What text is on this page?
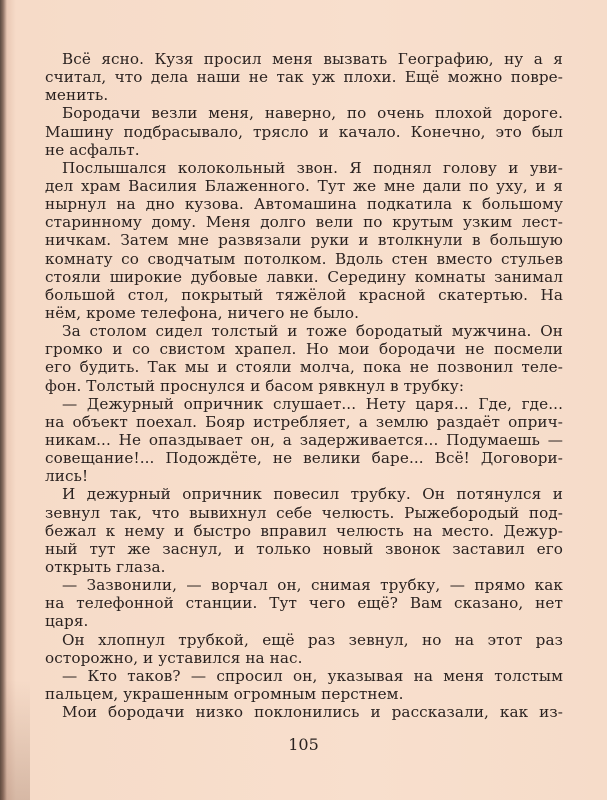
Всё ясно. Кузя просил меня вызвать Географию, ну а я
считал, что дела наши не так уж плохи. Ещё можно повре-
менить.
Бородачи везли меня, наверно, по очень плохой дороге.
Машину подбрасывало, трясло и качало. Конечно, это был
не асфальт.
Послышался колокольный звон. Я поднял голову и уви-
дел храм Василия Блаженного. Тут же мне дали по уху, и я
нырнул на дно кузова. Автомашина подкатила к большому
старинному дому. Меня долго вели по крутым узким лест-
ничкам. Затем мне развязали руки и втолкнули в большую
комнату со сводчатым потолком. Вдоль стен вместо стульев
стояли широкие дубовые лавки. Середину комнаты занимал
большой стол, покрытый тяжёлой красной скатертью. На
нём, кроме телефона, ничего не было.
За столом сидел толстый и тоже бородатый мужчина. Он
громко и со свистом храпел. Но мои бородачи не посмели
его будить. Так мы и стояли молча, пока не позвонил теле-
фон. Толстый проснулся и басом рявкнул в трубку:
— Дежурный опричник слушает... Нету царя... Где, где...
на объект поехал. Бояр истребляет, а землю раздаёт оприч-
никам... Не опаздывает он, а задерживается... Подумаешь —
совещание!... Подождёте, не велики баре... Всё! Договори-
лись!
И дежурный опричник повесил трубку. Он потянулся и
зевнул так, что вывихнул себе челюсть. Рыжебородый под-
бежал к нему и быстро вправил челюсть на место. Дежур-
ный тут же заснул, и только новый звонок заставил его
открыть глаза.
— Зазвонили, — ворчал он, снимая трубку, — прямо как
на телефонной станции. Тут чего ещё? Вам сказано, нет
царя.
Он хлопнул трубкой, ещё раз зевнул, но на этот раз
осторожно, и уставился на нас.
— Кто таков? — спросил он, указывая на меня толстым
пальцем, украшенным огромным перстнем.
Мои бородачи низко поклонились и рассказали, как из-
105
